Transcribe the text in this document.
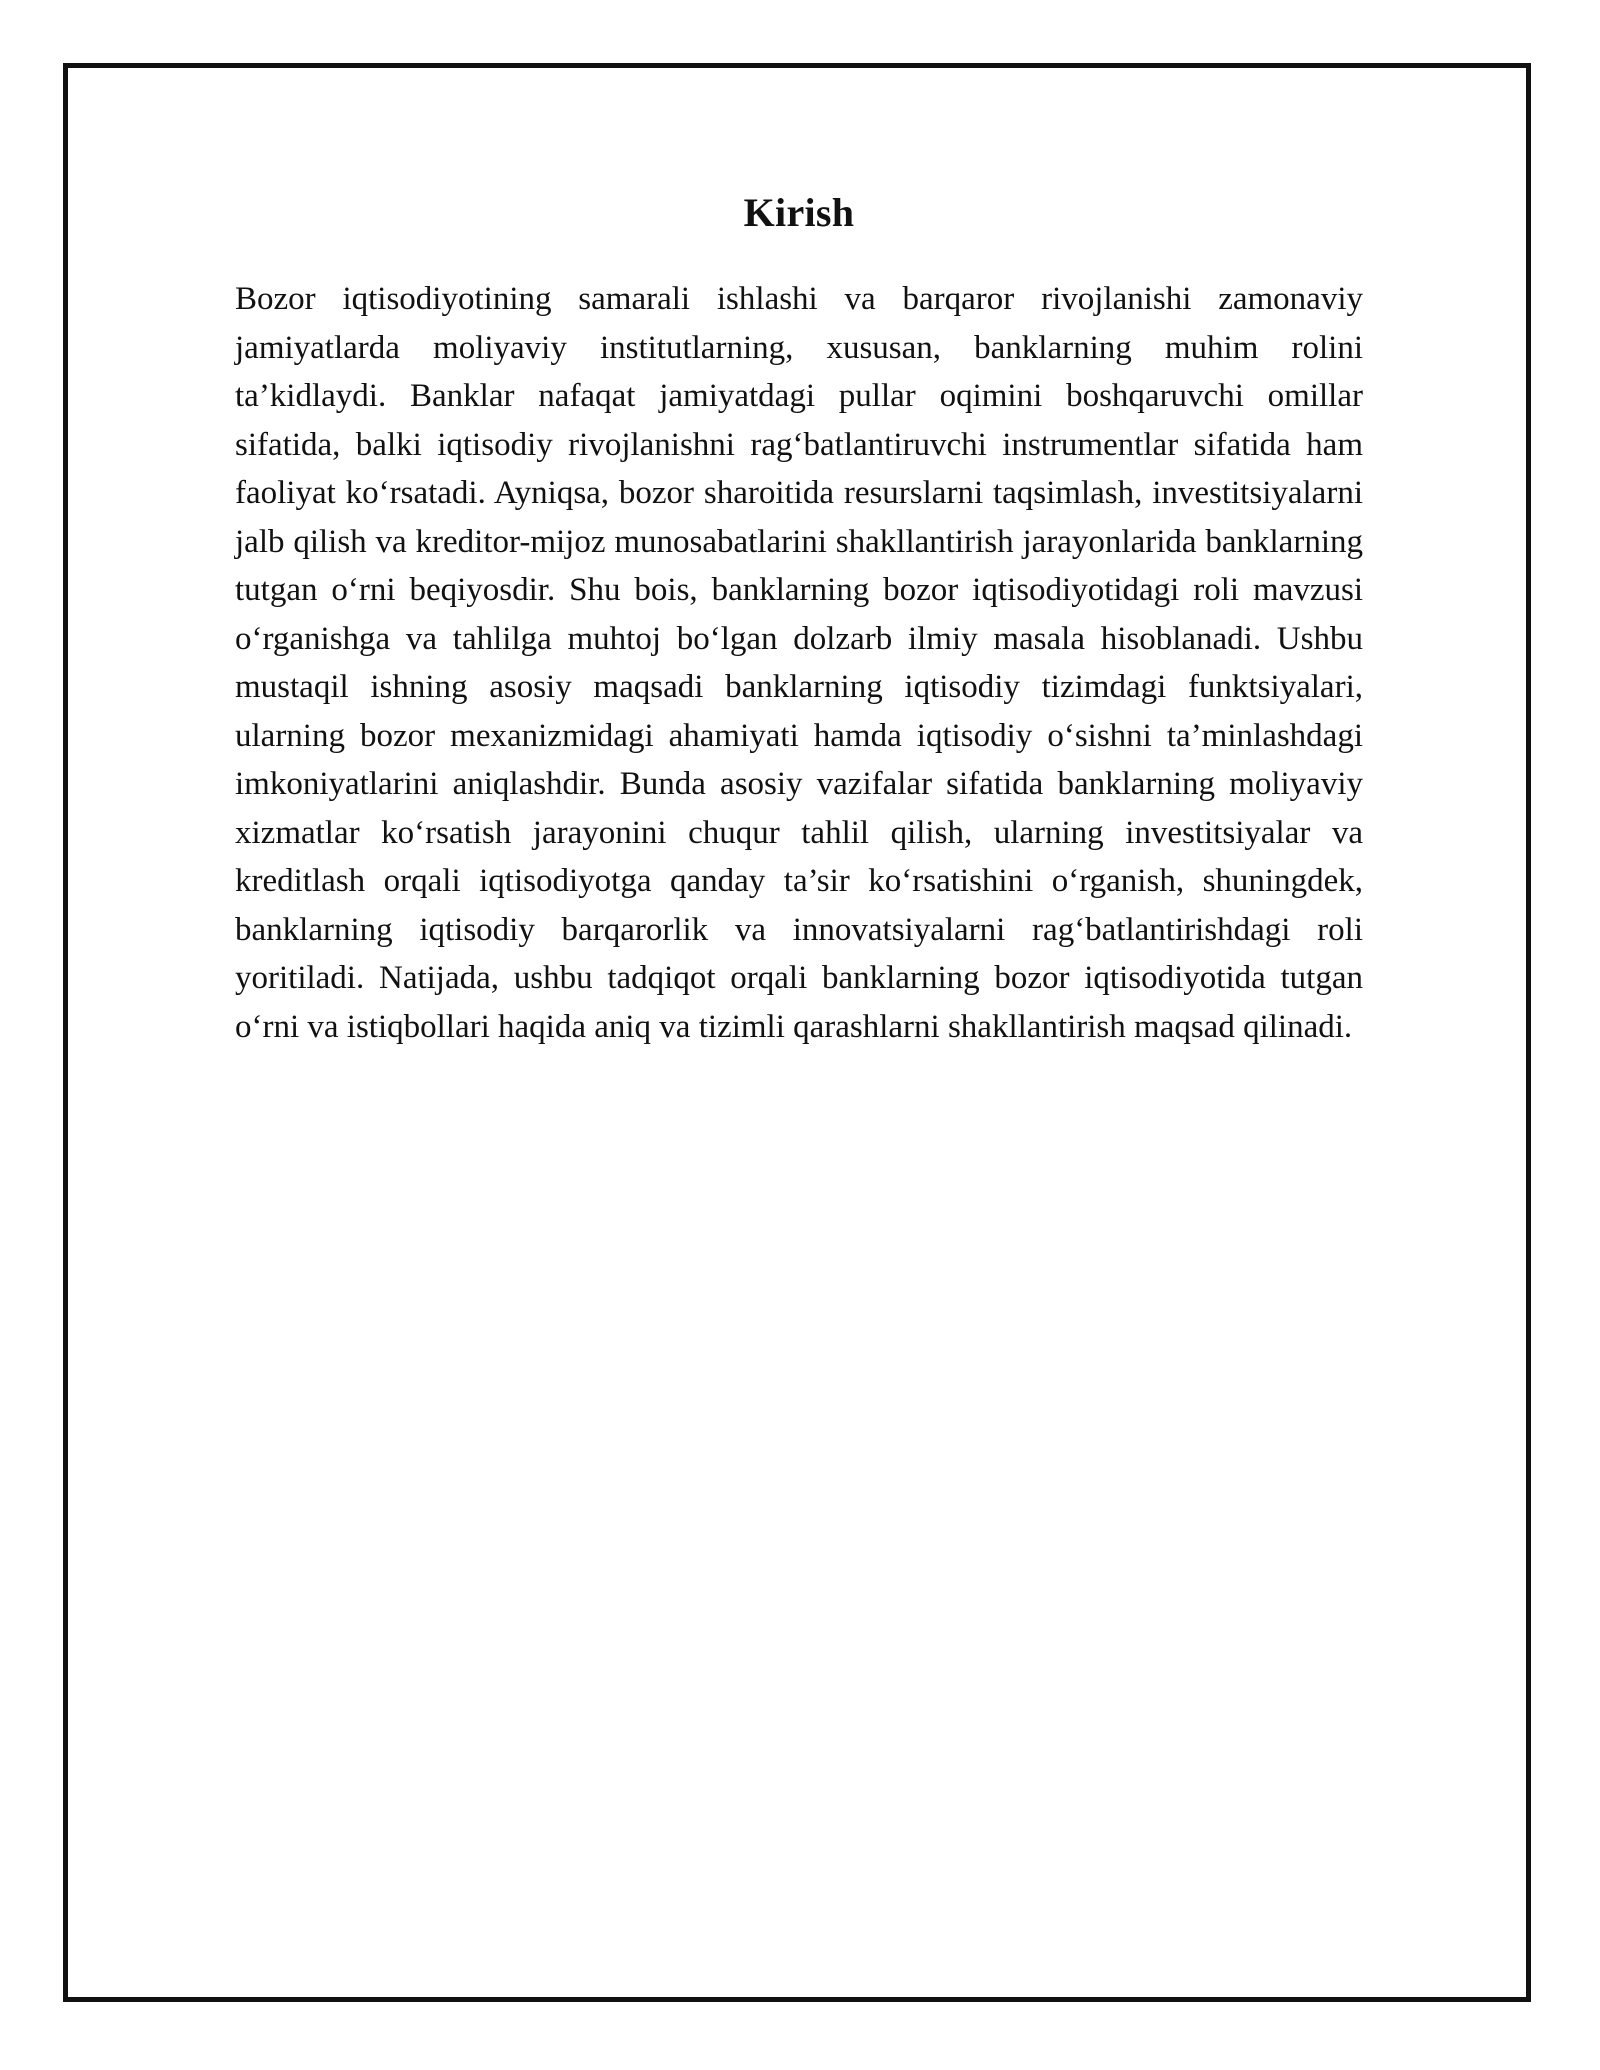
Kirish

Bozor iqtisodiyotining samarali ishlashi va barqaror rivojlanishi zamonaviy jamiyatlarda moliyaviy institutlarning, xususan, banklarning muhim rolini ta’kidlaydi. Banklar nafaqat jamiyatdagi pullar oqimini boshqaruvchi omillar sifatida, balki iqtisodiy rivojlanishni rag‘batlantiruvchi instrumentlar sifatida ham faoliyat ko‘rsatadi. Ayniqsa, bozor sharoitida resurslarni taqsimlash, investitsiyalarni jalb qilish va kreditor-mijoz munosabatlarini shakllantirish jarayonlarida banklarning tutgan o‘rni beqiyosdir. Shu bois, banklarning bozor iqtisodiyotidagi roli mavzusi o‘rganishga va tahlilga muhtoj bo‘lgan dolzarb ilmiy masala hisoblanadi. Ushbu mustaqil ishning asosiy maqsadi banklarning iqtisodiy tizimdagi funktsiyalari, ularning bozor mexanizmidagi ahamiyati hamda iqtisodiy o‘sishni ta’minlashdagi imkoniyatlarini aniqlashdir. Bunda asosiy vazifalar sifatida banklarning moliyaviy xizmatlar ko‘rsatish jarayonini chuqur tahlil qilish, ularning investitsiyalar va kreditlash orqali iqtisodiyotga qanday ta’sir ko‘rsatishini o‘rganish, shuningdek, banklarning iqtisodiy barqarorlik va innovatsiyalarni rag‘batlantirishdagi roli yoritiladi. Natijada, ushbu tadqiqot orqali banklarning bozor iqtisodiyotida tutgan o‘rni va istiqbollari haqida aniq va tizimli qarashlarni shakllantirish maqsad qilinadi.
